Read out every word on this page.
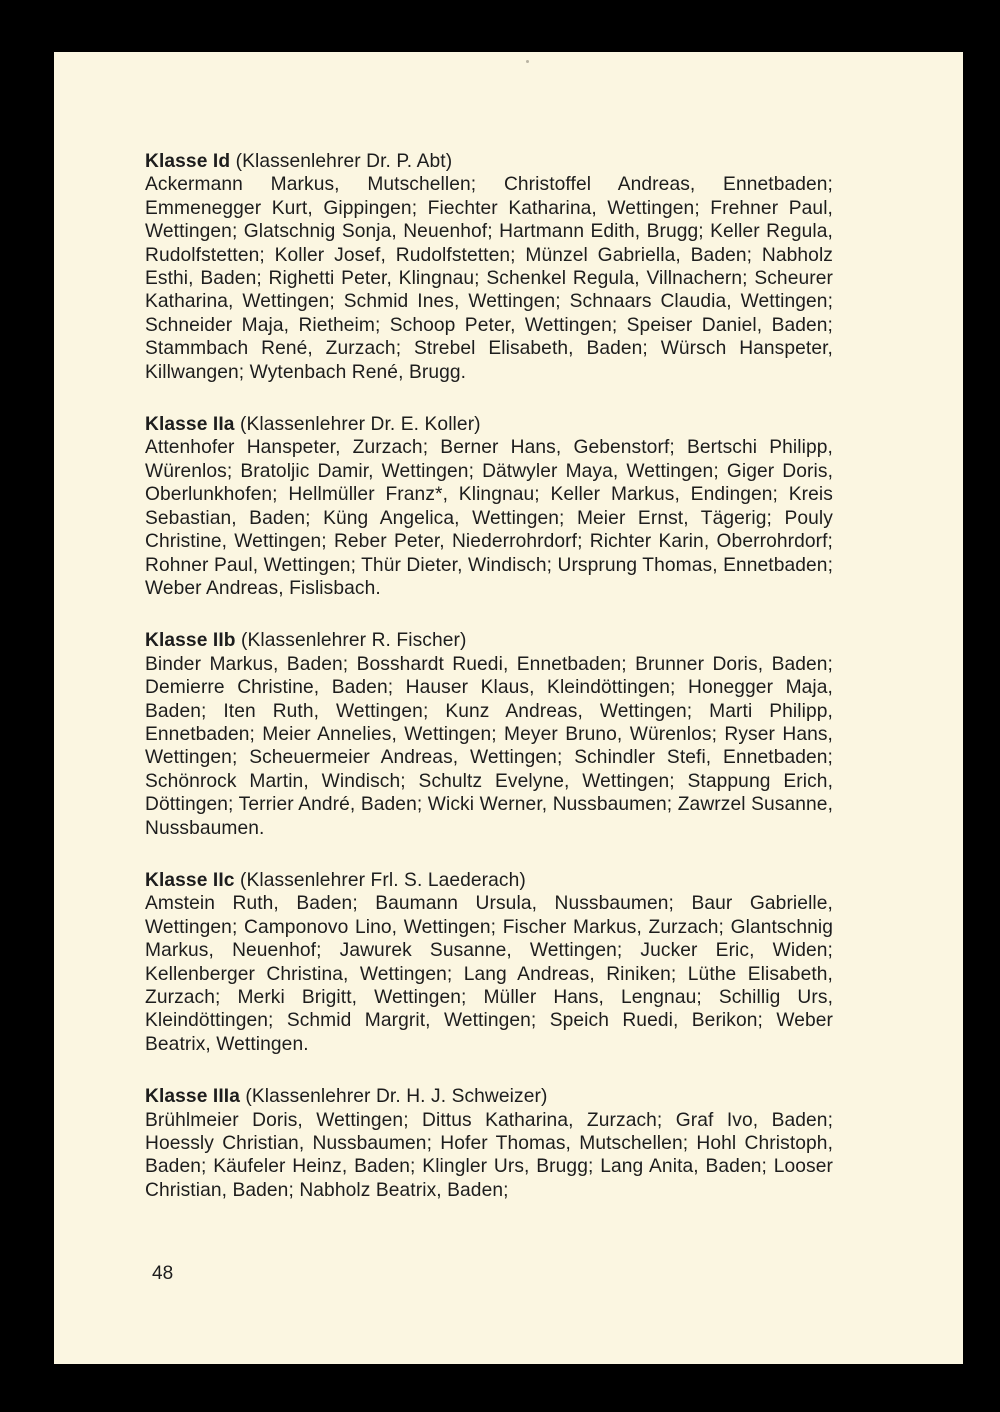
Klasse Id (Klassenlehrer Dr. P. Abt)

Ackermann Markus, Mutschellen; Christoffel Andreas, Ennetbaden; Emmenegger Kurt, Gippingen; Fiechter Katharina, Wettingen; Frehner Paul, Wettingen; Glatschnig Sonja, Neuenhof; Hartmann Edith, Brugg; Keller Regula, Rudolfstetten; Koller Josef, Rudolfstetten; Münzel Gabriella, Baden; Nabholz Esthi, Baden; Righetti Peter, Klingnau; Schenkel Regula, Villnachern; Scheurer Katharina, Wettingen; Schmid Ines, Wettingen; Schnaars Claudia, Wettingen; Schneider Maja, Rietheim; Schoop Peter, Wettingen; Speiser Daniel, Baden; Stammbach René, Zurzach; Strebel Elisabeth, Baden; Würsch Hanspeter, Killwangen; Wytenbach René, Brugg.

Klasse IIa (Klassenlehrer Dr. E. Koller)

Attenhofer Hanspeter, Zurzach; Berner Hans, Gebenstorf; Bertschi Philipp, Würenlos; Bratoljic Damir, Wettingen; Dätwyler Maya, Wettingen; Giger Doris, Oberlunkhofen; Hellmüller Franz*, Klingnau; Keller Markus, Endingen; Kreis Sebastian, Baden; Küng Angelica, Wettingen; Meier Ernst, Tägerig; Pouly Christine, Wettingen; Reber Peter, Niederrohrdorf; Richter Karin, Oberrohrdorf; Rohner Paul, Wettingen; Thür Dieter, Windisch; Ursprung Thomas, Ennetbaden; Weber Andreas, Fislisbach.

Klasse IIb (Klassenlehrer R. Fischer)

Binder Markus, Baden; Bosshardt Ruedi, Ennetbaden; Brunner Doris, Baden; Demierre Christine, Baden; Hauser Klaus, Kleindöttingen; Honegger Maja, Baden; Iten Ruth, Wettingen; Kunz Andreas, Wettingen; Marti Philipp, Ennetbaden; Meier Annelies, Wettingen; Meyer Bruno, Würenlos; Ryser Hans, Wettingen; Scheuermeier Andreas, Wettingen; Schindler Stefi, Ennetbaden; Schönrock Martin, Windisch; Schultz Evelyne, Wettingen; Stappung Erich, Döttingen; Terrier André, Baden; Wicki Werner, Nussbaumen; Zawrzel Susanne, Nussbaumen.

Klasse IIc (Klassenlehrer Frl. S. Laederach)

Amstein Ruth, Baden; Baumann Ursula, Nussbaumen; Baur Gabrielle, Wettingen; Camponovo Lino, Wettingen; Fischer Markus, Zurzach; Glantschnig Markus, Neuenhof; Jawurek Susanne, Wettingen; Jucker Eric, Widen; Kellenberger Christina, Wettingen; Lang Andreas, Riniken; Lüthe Elisabeth, Zurzach; Merki Brigitt, Wettingen; Müller Hans, Lengnau; Schillig Urs, Kleindöttingen; Schmid Margrit, Wettingen; Speich Ruedi, Berikon; Weber Beatrix, Wettingen.

Klasse IIIa (Klassenlehrer Dr. H. J. Schweizer)

Brühlmeier Doris, Wettingen; Dittus Katharina, Zurzach; Graf Ivo, Baden; Hoessly Christian, Nussbaumen; Hofer Thomas, Mutschellen; Hohl Christoph, Baden; Käufeler Heinz, Baden; Klingler Urs, Brugg; Lang Anita, Baden; Looser Christian, Baden; Nabholz Beatrix, Baden;

48
